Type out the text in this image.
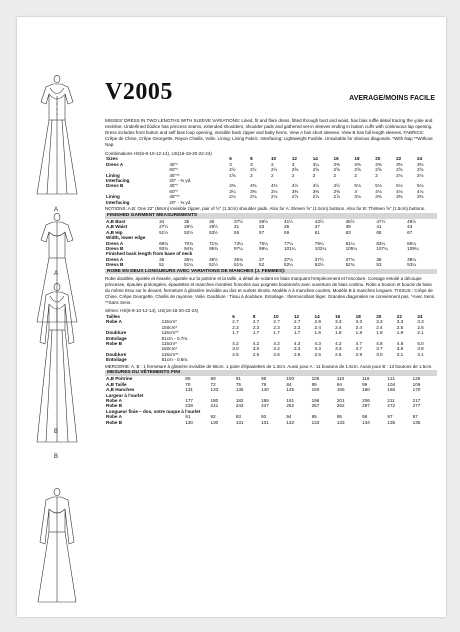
A
A
B
B
V2005	AVERAGE/MOINS FACILE

MISSES' DRESS IN TWO LENGTHS WITH SLEEVE VARIATIONS: Lined, fit and flare dress, fitted through bust and waist, has bias ruffle detail tracing the yoke and neckline. Underlined bodice has princess seams, extended shoulders, shoulder pads and gathered set-in sleeves ending in button cuffs with continuous lap opening. Dress includes front button and self bias loop opening, invisible back zipper and baby hems. View A has short sleeves. View B has full length sleeves. FABRICS: Crêpe de Chine, Crêpe Georgette, Rayon Challis, Voile. Lining: Lining Fabric. Interfacing: Lightweight Fusible. Unsuitable for obvious diagonals. *With Nap **Without Nap.

Combinations HS(6-8-10-12-14), US(16-18-20-22-24)
Sizes		6	8	10	12	14	16	18	20	22	24
Dress A	45"*	3	3	3	3	3¼	3⅜	3⅜	3⅜	3⅜	3⅜
	60"*	2½	2½	2½	2⅝	2⅝	2⅝	2⅝	2⅝	2⅝	2⅝
Lining	45"**	1⅝	2	2	2	2	2	2	2	2⅛	2⅛
Interfacing	20" - ⅜ yd.										
Dress B	45"*	4⅜	4⅜	4⅜	4½	4½	4½	5⅛	5⅛	5⅛	5⅛
	60"*	3¼	3⅜	3⅛	3⅜	3⅜	3⅜	4	4⅛	4⅛	4⅛
Lining	45"**	2⅛	2⅛	2⅛	2⅞	2⅞	2⅞	3⅛	3⅜	3⅜	3⅜
Interfacing	20" - ⅜ yd.										
NOTIONS: A,B: One 22" (56cm) invisible zipper, pair of ½" (1.3cm) shoulder pads. Also for A: Eleven ⅝" (1.5cm) buttons. Also for B: Thirteen ⅝" (1.5cm) buttons.
FINISHED GARMENT MEASUREMENTS
A,B Bust	34	35	36	37½	39½	41½	43½	45½	47½	49½
A,B Waist	27½	28½	29½	31	33	35	37	39	41	43
A,B Hip	51½	52½	53½	55	57	59	61	63	65	67
Width, lower edge										
Dress A	69¾	70¾	71¾	73¼	75¼	77¼	79¼	81¼	83¼	85¼
Dress B	93¾	94¾	95¾	97¼	99¼	101¼	103¼	105¼	107¼	109¼
Finished back length from base of neck										
Dress A	36	36¼	36½	36¾	37	37¼	37½	37¾	38	38¼
Dress B	51	51¼	51½	51¾	52	52¼	52½	52¾	53	53¼
ROBE EN DEUX LONGUEURS AVEC VARIATIONS DE MANCHES (J. FEMMES):

Robe doublée, ajustée et évasée, ajustée sur la poitrine et la taille, a détail de volant en biais marquant l'empiècement et l'encolure. Corsage entoilé a découpe princesse, épaules prolongées, épaulettes et manches montées froncées aux poignets boutonnés avec ouverture de biais continu. Robe a bouton et boucle de biais du même tissu sur le devant, fermeture à glissière invisible au dos et ourlets étroits. Modèle A à manches courtes. Modèle B à manches longues. TISSUS : Crêpe de Chine, Crêpe Georgette, Challis de rayonne, Voile. Doublure : Tissu à doublure. Entoilage : thermocollant léger. Grandes diagonales ne conviennent pas. *Avec Sens. **Sans Sens.

Séries: HS(6-8-10-12-14), US(16-18-20-22-24)
Tailles		6	8	10	12	14	16	18	20	22	24
Robe A	115cm*	2.7	2.7	2.7	2.7	2.9	3.3	3.3	3.3	3.3	3.3
	150cm*	2.3	2.3	2.3	2.3	2.4	2.4	2.4	2.4	2.5	2.6
Doublure	115cm**	1.7	1.7	1.7	1.7	1.8	1.8	1.8	1.8	1.9	2.1
Entoilage	51cm - 0.7m.										
Robe B	115cm*	4.2	4.2	4.2	4.3	4.3	4.3	4.7	4.8	4.8	5.0
	150cm*	3.0	3.0	3.2	3.3	3.3	3.3	3.7	3.7	3.8	3.8
Doublure	115cm**	2.5	2.6	2.6	2.6	2.6	2.6	2.9	3.0	3.1	3.1
Entoilage	51cm - 0.6m.										
MERCERIE: A, B : 1 fermeture à glissière invisible de 56cm. 1 paire d'épaulettes de 1.3cm. Aussi pour A : 11 boutons de 1.5cm. Aussi pour B : 13 boutons de 1.5cm.
MESURES DU VÊTEMENTS FINI
A,B Poitrine	86	89	91	95	100	105	110	116	121	126
A,B Taille	70	72	75	79	84	89	94	99	104	109
A,B Hanches	131	133	136	140	145	150	155	160	165	170
Largeur à l'ourlet										
Robe A	177	180	182	186	191	196	201	206	211	217
Robe B	238	241	243	247	252	257	262	267	272	277
Longueur finie – dos, votre nuque à l'ourlet										
Robe A	91	92	93	93	94	95	95	96	97	97
Robe B	130	130	131	131	132	133	133	134	135	135
